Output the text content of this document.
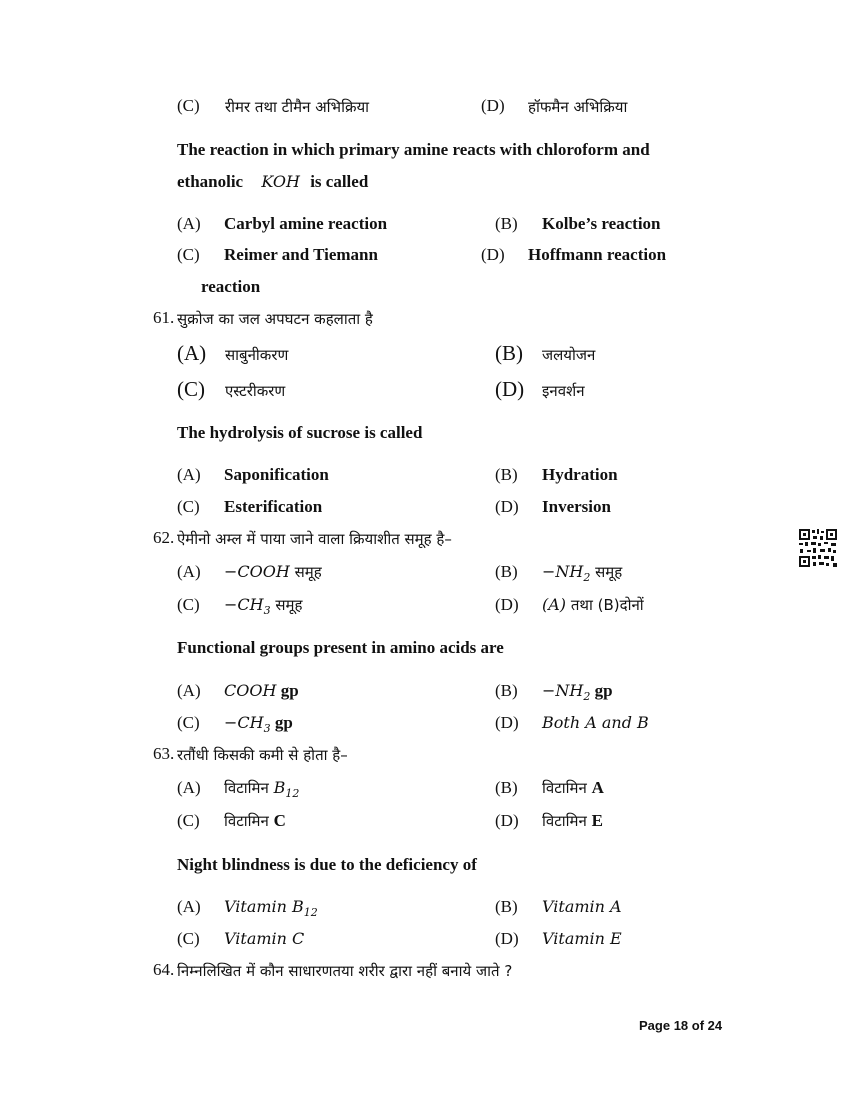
(C) रीमर तथा टीमैन अभिक्रिया	(D) हॉफमैन अभिक्रिया
The reaction in which primary amine reacts with chloroform and
ethanolic KOH is called
(A) Carbyl amine reaction	(B) Kolbe’s reaction
(C) Reimer and Tiemann	(D) Hoffmann reaction
reaction
61. सुक्रोज का जल अपघटन कहलाता है
(A) साबुनीकरण	(B) जलयोजन
(C) एस्टरीकरण	(D) इनवर्शन
The hydrolysis of sucrose is called
(A) Saponification	(B) Hydration
(C) Esterification	(D) Inversion
62. ऐमीनो अम्ल में पाया जाने वाला क्रियाशीत समूह है–
(A) −COOH समूह	$(B) -NH_2$ समूह
$(C) -CH_3$ समूह	(D) (A) तथा (B)दोनों
Functional groups present in amino acids are
(A) COOH gp	$(B) -NH_2$ gp
$(C) -CH_3$ gp	(D) Both A and B
63. रतौंधी किसकी कमी से होता है–
(A) विटामिन $B_{12}$	(B) विटामिन A
(C) विटामिन C	(D) विटामिन E
Night blindness is due to the deficiency of
(A) Vitamin $B_{12}$	(B) Vitamin A
(C) Vitamin C	(D) Vitamin E
64. निम्नलिखित में कौन साधारणतया शरीर द्वारा नहीं बनाये जाते ?
Page 18 of 24
